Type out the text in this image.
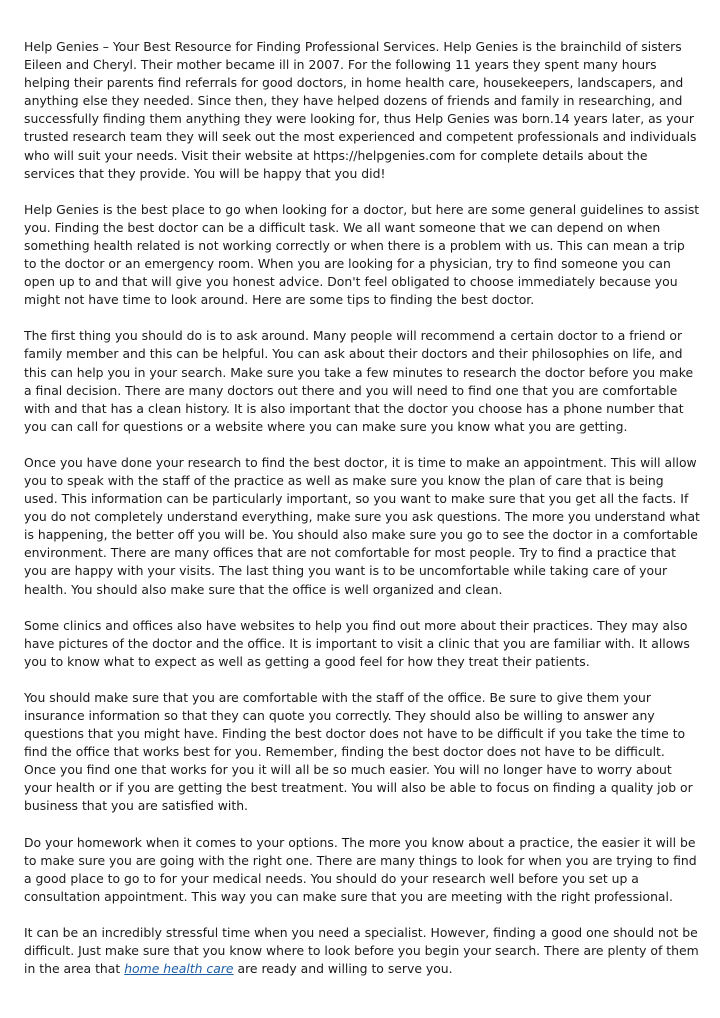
Help Genies – Your Best Resource for Finding Professional Services. Help Genies is the brainchild of sisters Eileen and Cheryl. Their mother became ill in 2007. For the following 11 years they spent many hours helping their parents find referrals for good doctors, in home health care, housekeepers, landscapers, and anything else they needed. Since then, they have helped dozens of friends and family in researching, and successfully finding them anything they were looking for, thus Help Genies was born.14 years later, as your trusted research team they will seek out the most experienced and competent professionals and individuals who will suit your needs. Visit their website at https://helpgenies.com for complete details about the services that they provide. You will be happy that you did!

Help Genies is the best place to go when looking for a doctor, but here are some general guidelines to assist you. Finding the best doctor can be a difficult task. We all want someone that we can depend on when something health related is not working correctly or when there is a problem with us. This can mean a trip to the doctor or an emergency room. When you are looking for a physician, try to find someone you can open up to and that will give you honest advice. Don't feel obligated to choose immediately because you might not have time to look around. Here are some tips to finding the best doctor.

The first thing you should do is to ask around. Many people will recommend a certain doctor to a friend or family member and this can be helpful. You can ask about their doctors and their philosophies on life, and this can help you in your search. Make sure you take a few minutes to research the doctor before you make a final decision. There are many doctors out there and you will need to find one that you are comfortable with and that has a clean history. It is also important that the doctor you choose has a phone number that you can call for questions or a website where you can make sure you know what you are getting.

Once you have done your research to find the best doctor, it is time to make an appointment. This will allow you to speak with the staff of the practice as well as make sure you know the plan of care that is being used. This information can be particularly important, so you want to make sure that you get all the facts. If you do not completely understand everything, make sure you ask questions. The more you understand what is happening, the better off you will be. You should also make sure you go to see the doctor in a comfortable environment. There are many offices that are not comfortable for most people. Try to find a practice that you are happy with your visits. The last thing you want is to be uncomfortable while taking care of your health. You should also make sure that the office is well organized and clean.

Some clinics and offices also have websites to help you find out more about their practices. They may also have pictures of the doctor and the office. It is important to visit a clinic that you are familiar with. It allows you to know what to expect as well as getting a good feel for how they treat their patients.

You should make sure that you are comfortable with the staff of the office. Be sure to give them your insurance information so that they can quote you correctly. They should also be willing to answer any questions that you might have. Finding the best doctor does not have to be difficult if you take the time to find the office that works best for you. Remember, finding the best doctor does not have to be difficult. Once you find one that works for you it will all be so much easier. You will no longer have to worry about your health or if you are getting the best treatment. You will also be able to focus on finding a quality job or business that you are satisfied with.

Do your homework when it comes to your options. The more you know about a practice, the easier it will be to make sure you are going with the right one. There are many things to look for when you are trying to find a good place to go to for your medical needs. You should do your research well before you set up a consultation appointment. This way you can make sure that you are meeting with the right professional.

It can be an incredibly stressful time when you need a specialist. However, finding a good one should not be difficult. Just make sure that you know where to look before you begin your search. There are plenty of them in the area that home health care are ready and willing to serve you.
